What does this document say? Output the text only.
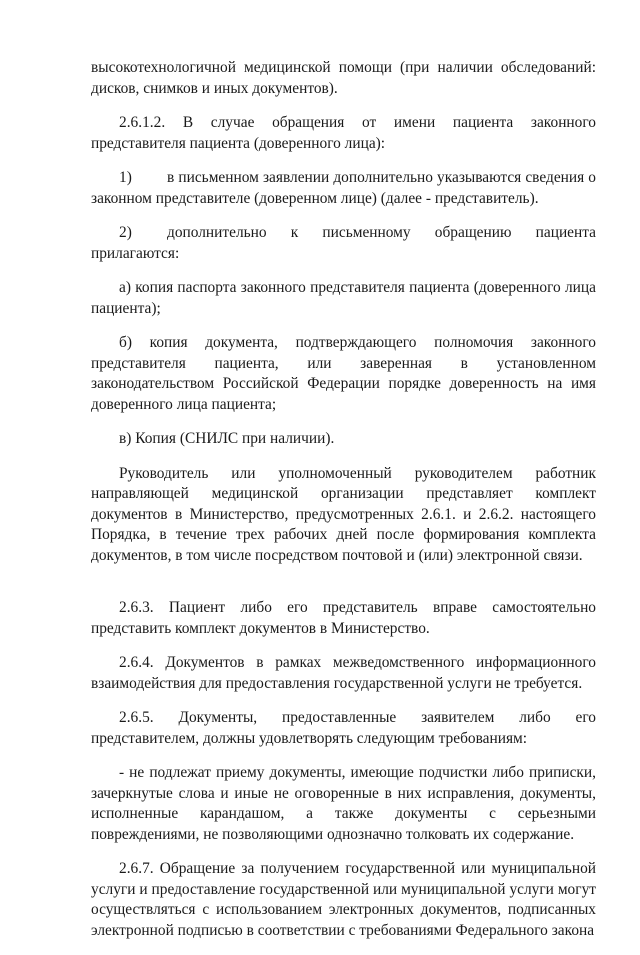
высокотехнологичной медицинской помощи (при наличии обследований: дисков, снимков и иных документов).

2.6.1.2. В случае обращения от имени пациента законного представителя пациента (доверенного лица):

1) в письменном заявлении дополнительно указываются сведения о законном представителе (доверенном лице) (далее - представитель).

2) дополнительно к письменному обращению пациента прилагаются:

а) копия паспорта законного представителя пациента (доверенного лица пациента);

б) копия документа, подтверждающего полномочия законного представителя пациента, или заверенная в установленном законодательством Российской Федерации порядке доверенность на имя доверенного лица пациента;

в) Копия (СНИЛС при наличии).

Руководитель или уполномоченный руководителем работник направляющей медицинской организации представляет комплект документов в Министерство, предусмотренных 2.6.1. и 2.6.2. настоящего Порядка, в течение трех рабочих дней после формирования комплекта документов, в том числе посредством почтовой и (или) электронной связи.

2.6.3. Пациент либо его представитель вправе самостоятельно представить комплект документов в Министерство.

2.6.4. Документов в рамках межведомственного информационного взаимодействия для предоставления государственной услуги не требуется.

2.6.5. Документы, предоставленные заявителем либо его представителем, должны удовлетворять следующим требованиям:

- не подлежат приему документы, имеющие подчистки либо приписки, зачеркнутые слова и иные не оговоренные в них исправления, документы, исполненные карандашом, а также документы с серьезными повреждениями, не позволяющими однозначно толковать их содержание.

2.6.7. Обращение за получением государственной или муниципальной услуги и предоставление государственной или муниципальной услуги могут осуществляться с использованием электронных документов, подписанных электронной подписью в соответствии с требованиями Федерального закона
